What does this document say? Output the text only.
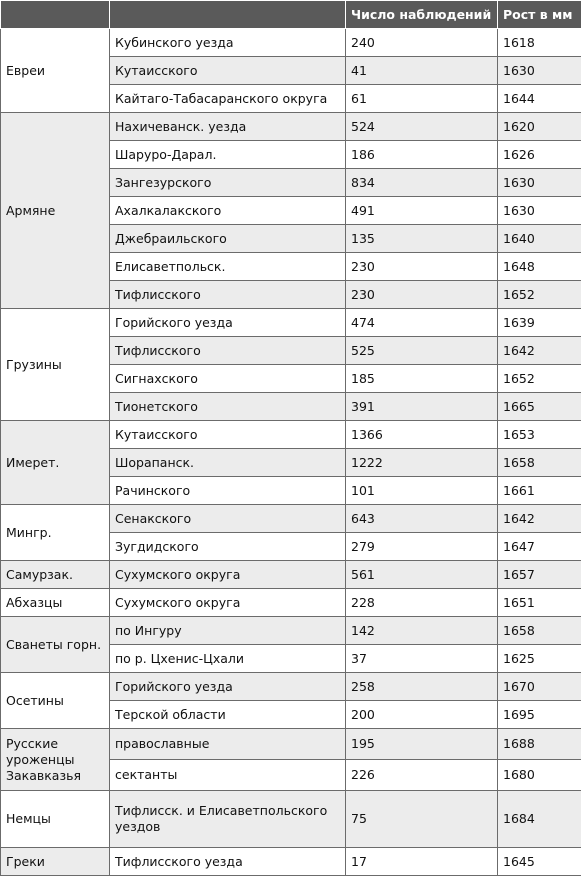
		Число наблюдений	Рост в мм
Евреи	Кубинского уезда	240	1618
	Кутаисского	41	1630
	Кайтаго-Табасаранского округа	61	1644
Армяне	Нахичеванск. уезда	524	1620
	Шаруро-Дарал.	186	1626
	Зангезурского	834	1630
	Ахалкалакского	491	1630
	Джебраильского	135	1640
	Елисаветпольск.	230	1648
	Тифлисского	230	1652
Грузины	Горийского уезда	474	1639
	Тифлисского	525	1642
	Сигнахского	185	1652
	Тионетского	391	1665
Имерет.	Кутаисского	1366	1653
	Шорапанск.	1222	1658
	Рачинского	101	1661
Мингр.	Сенакского	643	1642
	Зугдидского	279	1647
Самурзак.	Сухумского округа	561	1657
Абхазцы	Сухумского округа	228	1651
Сванеты горн.	по Ингуру	142	1658
	по р. Цхенис-Цхали	37	1625
Осетины	Горийского уезда	258	1670
	Терской области	200	1695
Русские уроженцы Закавказья	православные	195	1688
	сектанты	226	1680
Немцы	Тифлисск. и Елисаветпольского уездов	75	1684
Греки	Тифлисского уезда	17	1645
